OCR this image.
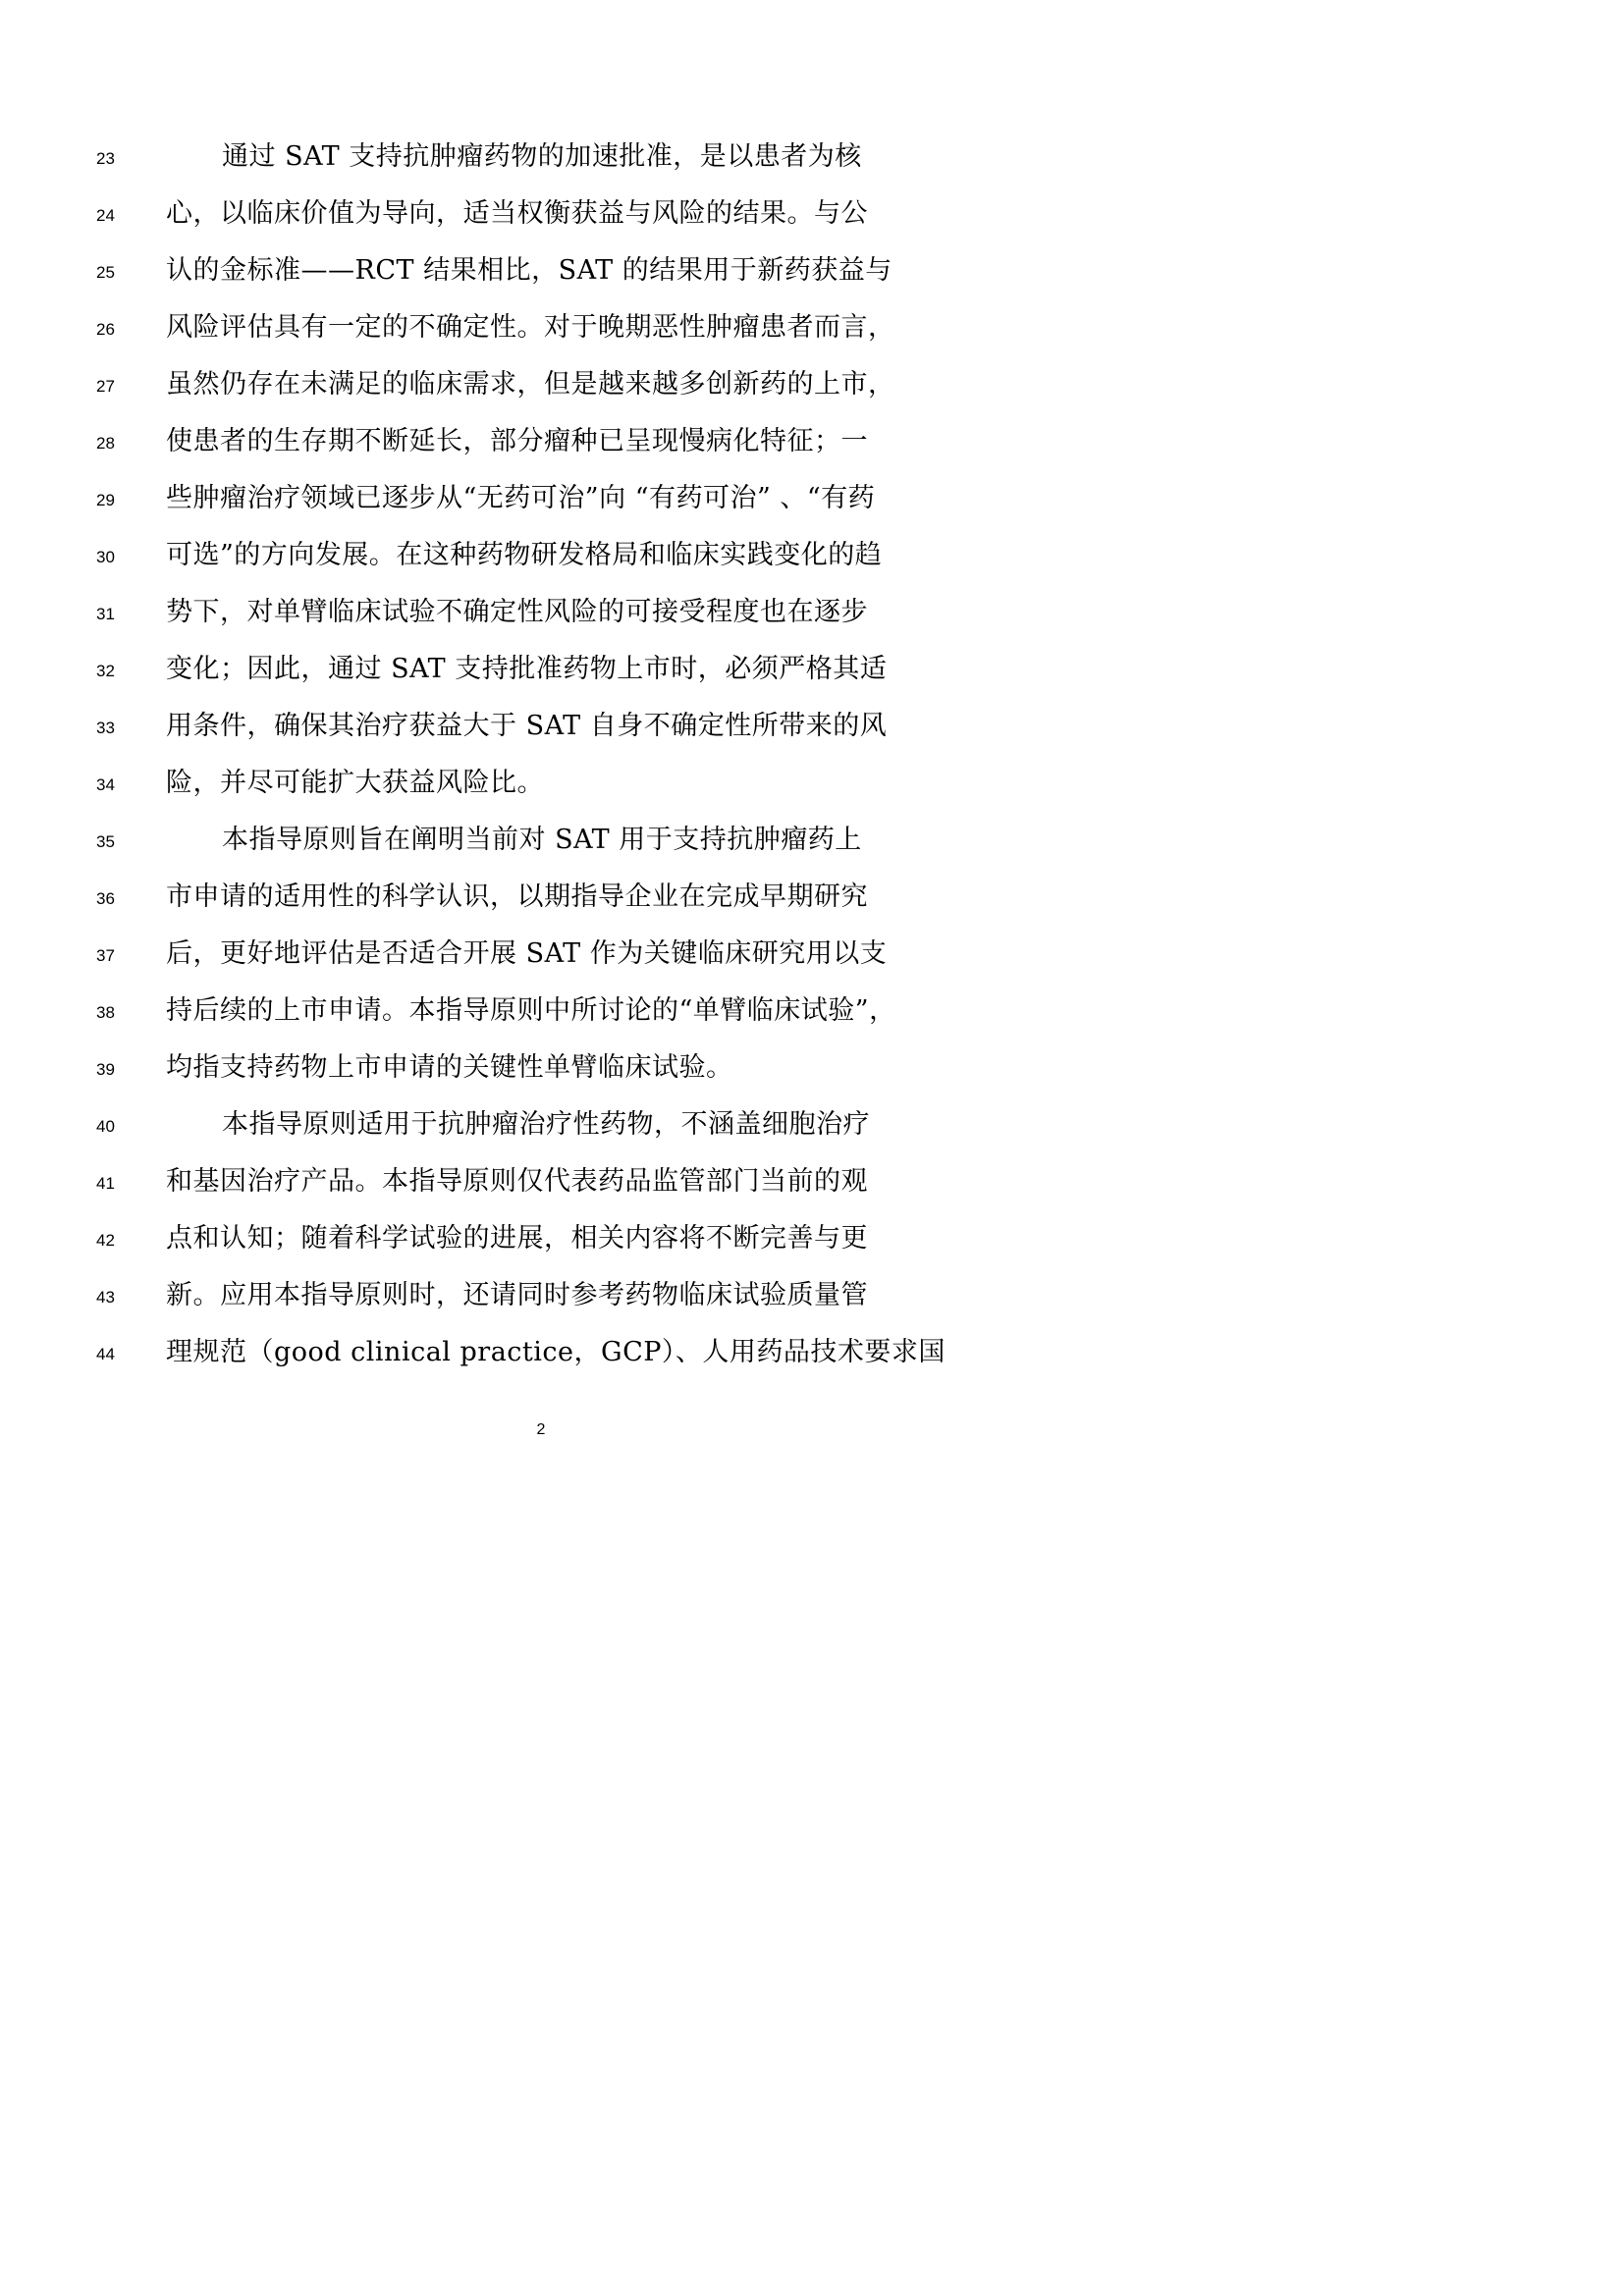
23	通过 SAT 支持抗肿瘤药物的加速批准，是以患者为核
24	心，以临床价值为导向，适当权衡获益与风险的结果。与公
25	认的金标准——RCT 结果相比，SAT 的结果用于新药获益与
26	风险评估具有一定的不确定性。对于晚期恶性肿瘤患者而言，
27	虽然仍存在未满足的临床需求，但是越来越多创新药的上市，
28	使患者的生存期不断延长，部分瘤种已呈现慢病化特征；一
29	些肿瘤治疗领域已逐步从“无药可治”向 “有药可治” 、“有药
30	可选”的方向发展。在这种药物研发格局和临床实践变化的趋
31	势下，对单臂临床试验不确定性风险的可接受程度也在逐步
32	变化；因此，通过 SAT 支持批准药物上市时，必须严格其适
33	用条件，确保其治疗获益大于 SAT 自身不确定性所带来的风
34	险，并尽可能扩大获益风险比。
35	本指导原则旨在阐明当前对 SAT 用于支持抗肿瘤药上
36	市申请的适用性的科学认识，以期指导企业在完成早期研究
37	后，更好地评估是否适合开展 SAT 作为关键临床研究用以支
38	持后续的上市申请。本指导原则中所讨论的“单臂临床试验”，
39	均指支持药物上市申请的关键性单臂临床试验。
40	本指导原则适用于抗肿瘤治疗性药物，不涵盖细胞治疗
41	和基因治疗产品。本指导原则仅代表药品监管部门当前的观
42	点和认知；随着科学试验的进展，相关内容将不断完善与更
43	新。应用本指导原则时，还请同时参考药物临床试验质量管
44	理规范（good clinical practice，GCP）、人用药品技术要求国
2
